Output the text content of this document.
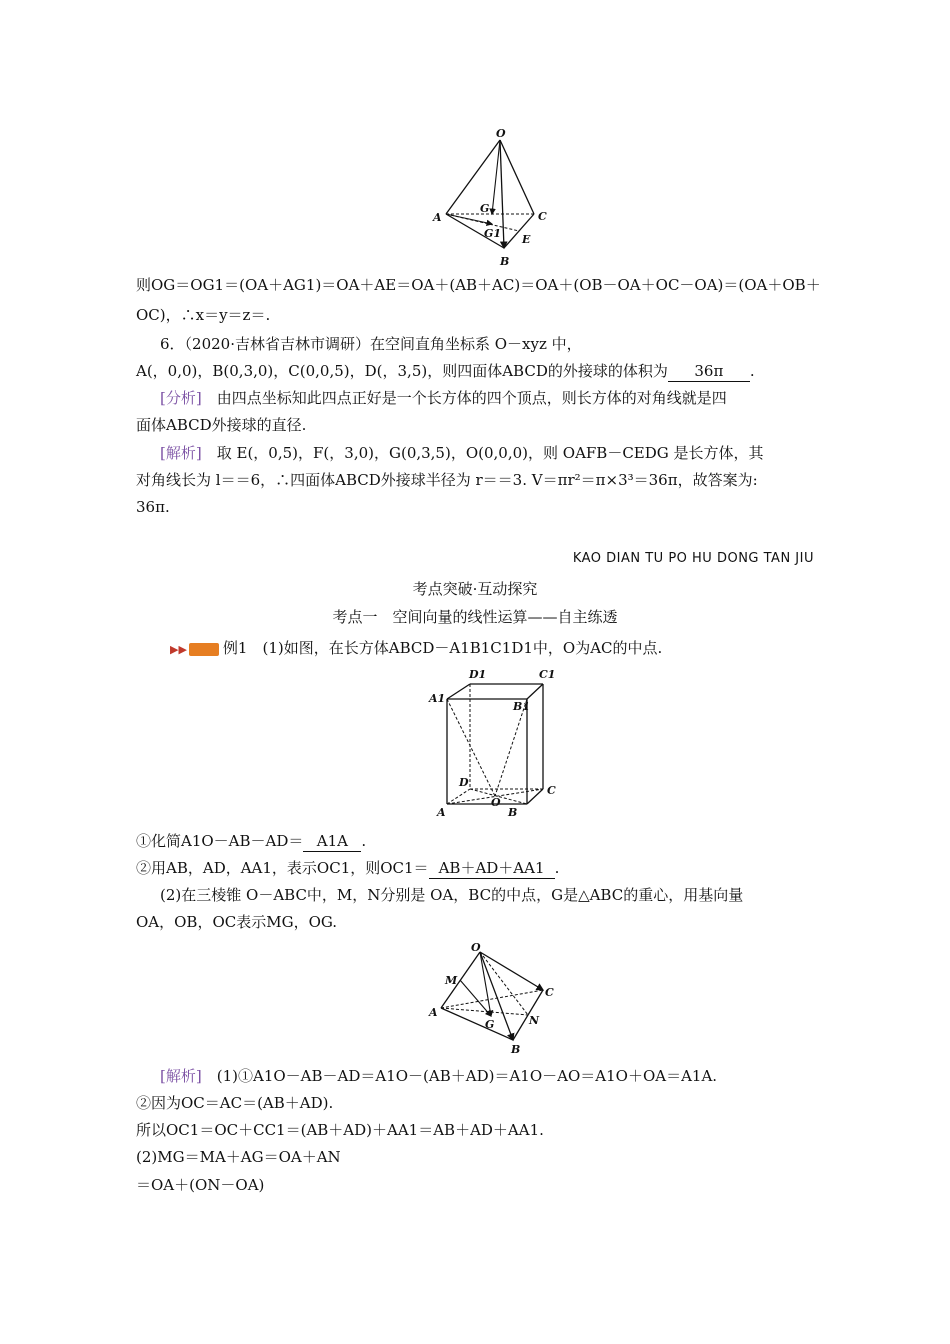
O
A	C
B
G
G1 E
则OG＝OG1＝(OA＋AG1)＝OA＋AE＝OA＋(AB＋AC)＝OA＋(OB－OA＋OC－OA)＝(OA＋OB＋
OC)，∴x＝y＝z＝.
6．（2020·吉林省吉林市调研）在空间直角坐标系 O－xyz 中，
A(，0,0)，B(0,3,0)，C(0,0,5)，D(，3,5)，则四面体ABCD的外接球的体积为 36π .
[分析]　 由四点坐标知此四点正好是一个长方体的四个顶点，则长方体的对角线就是四
面体ABCD外接球的直径.
[解析]　 取 E(，0,5)，F(，3,0)，G(0,3,5)，O(0,0,0)，则 OAFB－CEDG 是长方体，其
对角线长为 l＝＝6，∴四面体ABCD外接球半径为 r＝＝3. V＝πr²＝π×3³＝36π，故答案为:
36π.
KAO DIAN TU PO HU DONG TAN JIU
考点突破·互动探究
考点一　空间向量的线性运算——自主练透
▶▶ 例1　 (1)如图，在长方体ABCD－A1B1C1D1中，O为AC的中点.
D1	C1
A1
B1
D
C
A
O
B
①化简A1O－AB－AD＝ A1A .
②用AB，AD，AA1，表示OC1，则OC1＝ AB＋AD＋AA1 .
(2)在三棱锥 O－ABC中，M，N分别是 OA，BC的中点，G是△ABC的重心，用基向量
OA，OB，OC表示MG，OG.
O
M
C
A
G	N
B
[解析]　 (1)①A1O－AB－AD＝A1O－(AB＋AD)＝A1O－AO＝A1O＋OA＝A1A.
②因为OC＝AC＝(AB＋AD).
所以OC1＝OC＋CC1＝(AB＋AD)＋AA1＝AB＋AD＋AA1.
(2)MG＝MA＋AG＝OA＋AN
＝OA＋(ON－OA)
